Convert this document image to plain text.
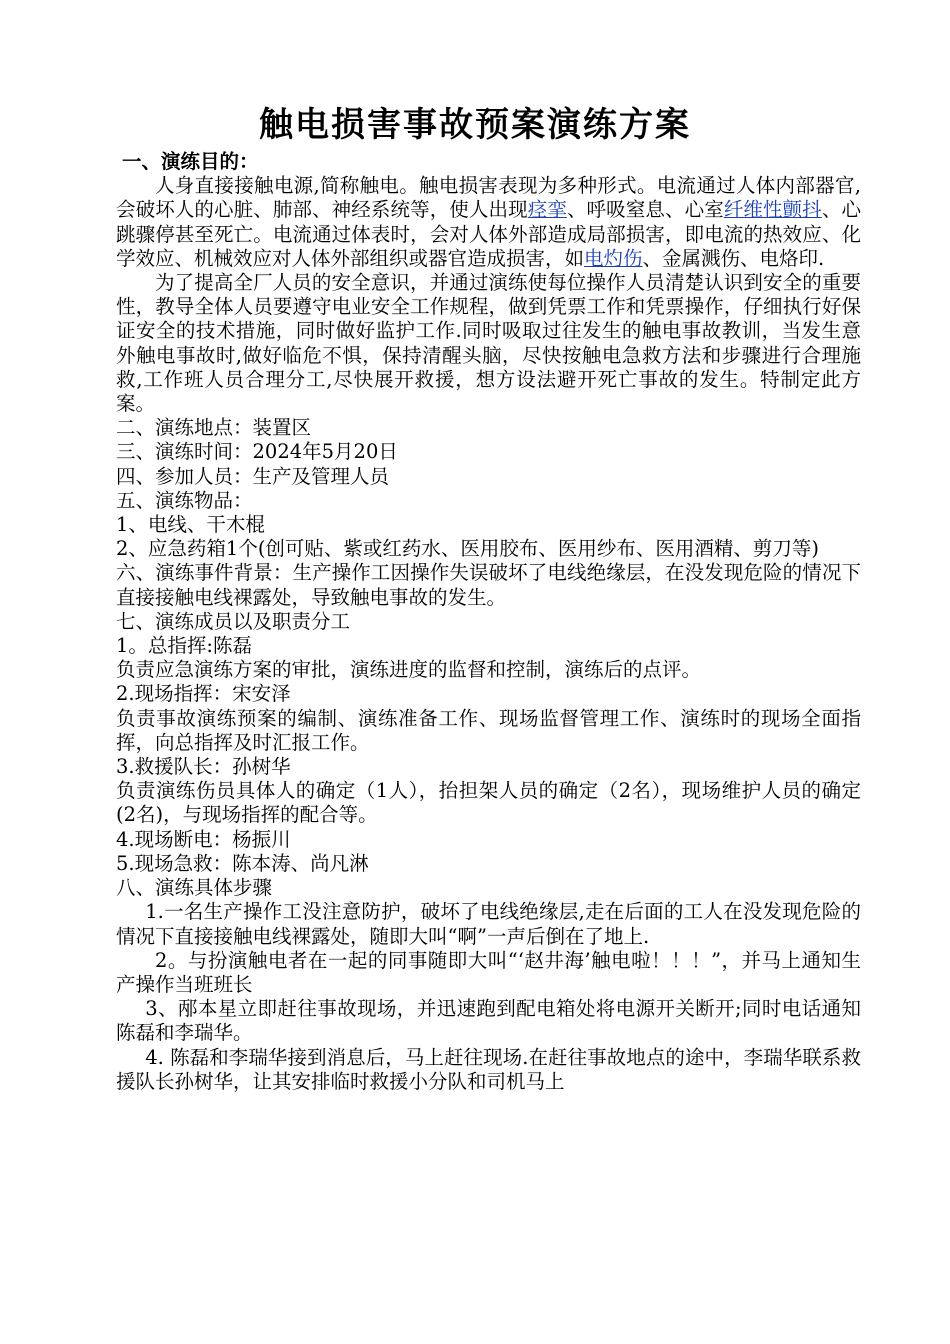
触电损害事故预案演练方案

一、演练目的：

人身直接接触电源,简称触电。触电损害表现为多种形式。电流通过人体内部器官,会破坏人的心脏、肺部、神经系统等，使人出现痉挛、呼吸窒息、心室纤维性颤抖、心跳骤停甚至死亡。电流通过体表时，会对人体外部造成局部损害，即电流的热效应、化学效应、机械效应对人体外部组织或器官造成损害，如电灼伤、金属溅伤、电烙印.

为了提高全厂人员的安全意识，并通过演练使每位操作人员清楚认识到安全的重要性，教导全体人员要遵守电业安全工作规程，做到凭票工作和凭票操作，仔细执行好保证安全的技术措施，同时做好监护工作.同时吸取过往发生的触电事故教训，当发生意外触电事故时,做好临危不惧，保持清醒头脑，尽快按触电急救方法和步骤进行合理施救,工作班人员合理分工,尽快展开救援，想方设法避开死亡事故的发生。特制定此方案。

二、演练地点：装置区

三、演练时间：2024年5月20日

四、参加人员：生产及管理人员

五、演练物品：

1、电线、干木棍

2、应急药箱1个(创可贴、紫或红药水、医用胶布、医用纱布、医用酒精、剪刀等)

六、演练事件背景：生产操作工因操作失误破坏了电线绝缘层，在没发现危险的情况下直接接触电线裸露处，导致触电事故的发生。

七、演练成员以及职责分工

1。总指挥:陈磊

负责应急演练方案的审批，演练进度的监督和控制，演练后的点评。

2.现场指挥：宋安泽

负责事故演练预案的编制、演练准备工作、现场监督管理工作、演练时的现场全面指挥，向总指挥及时汇报工作。

3.救援队长：孙树华

负责演练伤员具体人的确定（1人），抬担架人员的确定（2名），现场维护人员的确定(2名)，与现场指挥的配合等。

4.现场断电：杨振川

5.现场急救：陈本涛、尚凡淋

八、演练具体步骤

1.一名生产操作工没注意防护，破坏了电线绝缘层,走在后面的工人在没发现危险的情况下直接接触电线裸露处，随即大叫“啊”一声后倒在了地上.

2。与扮演触电者在一起的同事随即大叫“‘赵井海’触电啦！！！”，并马上通知生产操作当班班长

3、邴本星立即赶往事故现场，并迅速跑到配电箱处将电源开关断开;同时电话通知陈磊和李瑞华。

4. 陈磊和李瑞华接到消息后，马上赶往现场.在赶往事故地点的途中，李瑞华联系救援队长孙树华，让其安排临时救援小分队和司机马上
